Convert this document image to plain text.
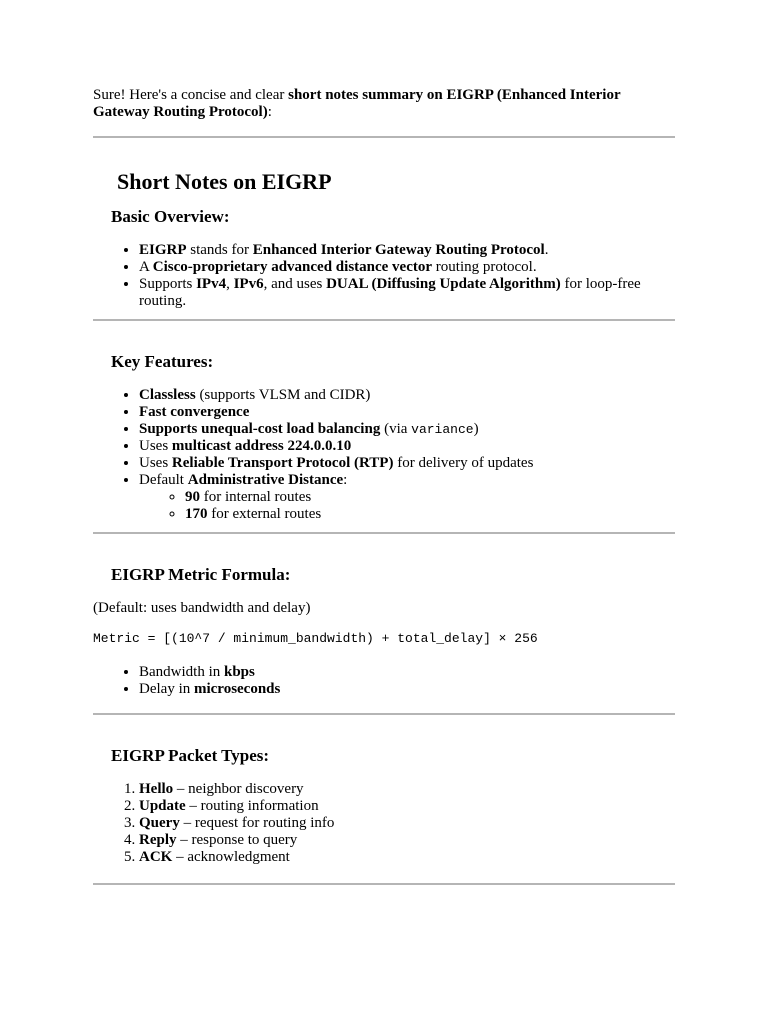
Sure! Here's a concise and clear short notes summary on EIGRP (Enhanced Interior Gateway Routing Protocol):

Short Notes on EIGRP
Basic Overview:
• EIGRP stands for Enhanced Interior Gateway Routing Protocol.
• A Cisco-proprietary advanced distance vector routing protocol.
• Supports IPv4, IPv6, and uses DUAL (Diffusing Update Algorithm) for loop-free routing.
Key Features:
• Classless (supports VLSM and CIDR)
• Fast convergence
• Supports unequal-cost load balancing (via variance)
• Uses multicast address 224.0.0.10
• Uses Reliable Transport Protocol (RTP) for delivery of updates
• Default Administrative Distance:
◦ 90 for internal routes
◦ 170 for external routes
EIGRP Metric Formula:

(Default: uses bandwidth and delay)

Metric = [(10^7 / minimum_bandwidth) + total_delay] × 256

• Bandwidth in kbps
• Delay in microseconds
EIGRP Packet Types:
1. Hello – neighbor discovery
2. Update – routing information
3. Query – request for routing info
4. Reply – response to query
5. ACK – acknowledgment
